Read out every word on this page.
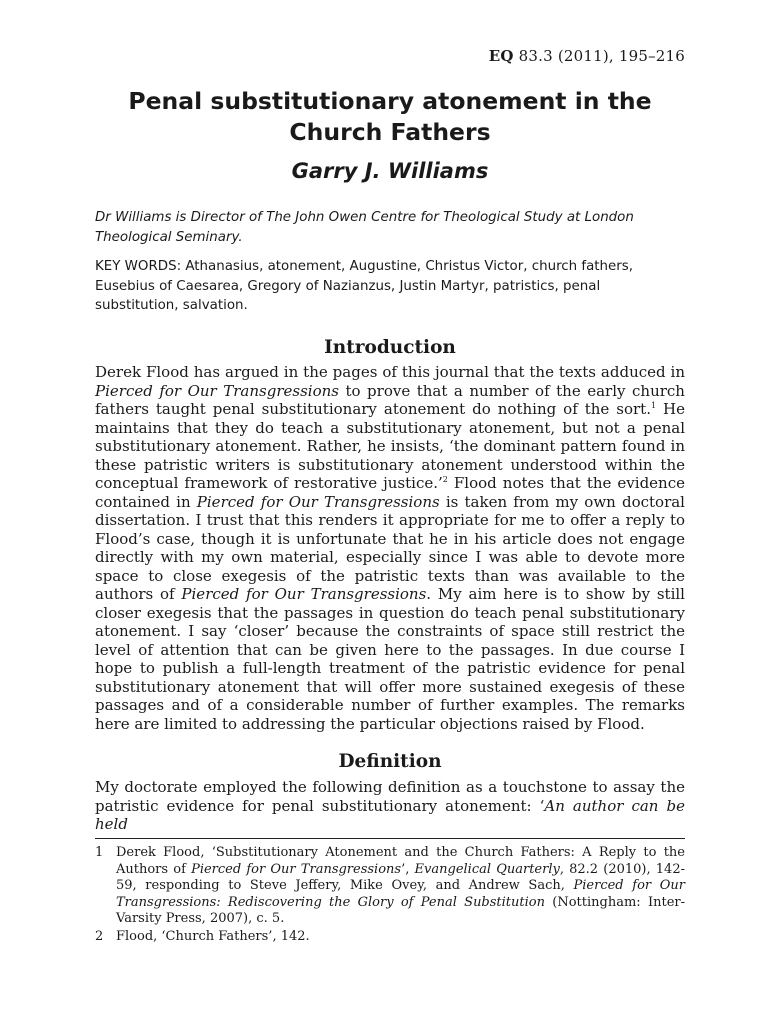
EQ 83.3 (2011), 195–216
Penal substitutionary atonement in the
Church Fathers
Garry J. Williams
Dr Williams is Director of The John Owen Centre for Theological Study at London Theological Seminary.
KEY WORDS: Athanasius, atonement, Augustine, Christus Victor, church fathers, Eusebius of Caesarea, Gregory of Nazianzus, Justin Martyr, patristics, penal substitution, salvation.
Introduction
Derek Flood has argued in the pages of this journal that the texts adduced in Pierced for Our Transgressions to prove that a number of the early church fathers taught penal substitutionary atonement do nothing of the sort.$^1$ He maintains that they do teach a substitutionary atonement, but not a penal substitutionary atonement. Rather, he insists, ‘the dominant pattern found in these patristic writers is substitutionary atonement understood within the conceptual framework of restorative justice.’$^2$ Flood notes that the evidence contained in Pierced for Our Transgressions is taken from my own doctoral dissertation. I trust that this renders it appropriate for me to offer a reply to Flood’s case, though it is unfortunate that he in his article does not engage directly with my own material, especially since I was able to devote more space to close exegesis of the patristic texts than was available to the authors of Pierced for Our Transgressions. My aim here is to show by still closer exegesis that the passages in question do teach penal substitutionary atonement. I say ‘closer’ because the constraints of space still restrict the level of attention that can be given here to the passages. In due course I hope to publish a full-length treatment of the patristic evidence for penal substitutionary atonement that will offer more sustained exegesis of these passages and of a considerable number of further examples. The remarks here are limited to addressing the particular objections raised by Flood.
Definition
My doctorate employed the following definition as a touchstone to assay the patristic evidence for penal substitutionary atonement: ‘An author can be held
1 Derek Flood, ‘Substitutionary Atonement and the Church Fathers: A Reply to the Authors of Pierced for Our Transgressions’, Evangelical Quarterly, 82.2 (2010), 142-59, responding to Steve Jeffery, Mike Ovey, and Andrew Sach, Pierced for Our Transgressions: Rediscovering the Glory of Penal Substitution (Nottingham: Inter-Varsity Press, 2007), c. 5.
2 Flood, ‘Church Fathers’, 142.
